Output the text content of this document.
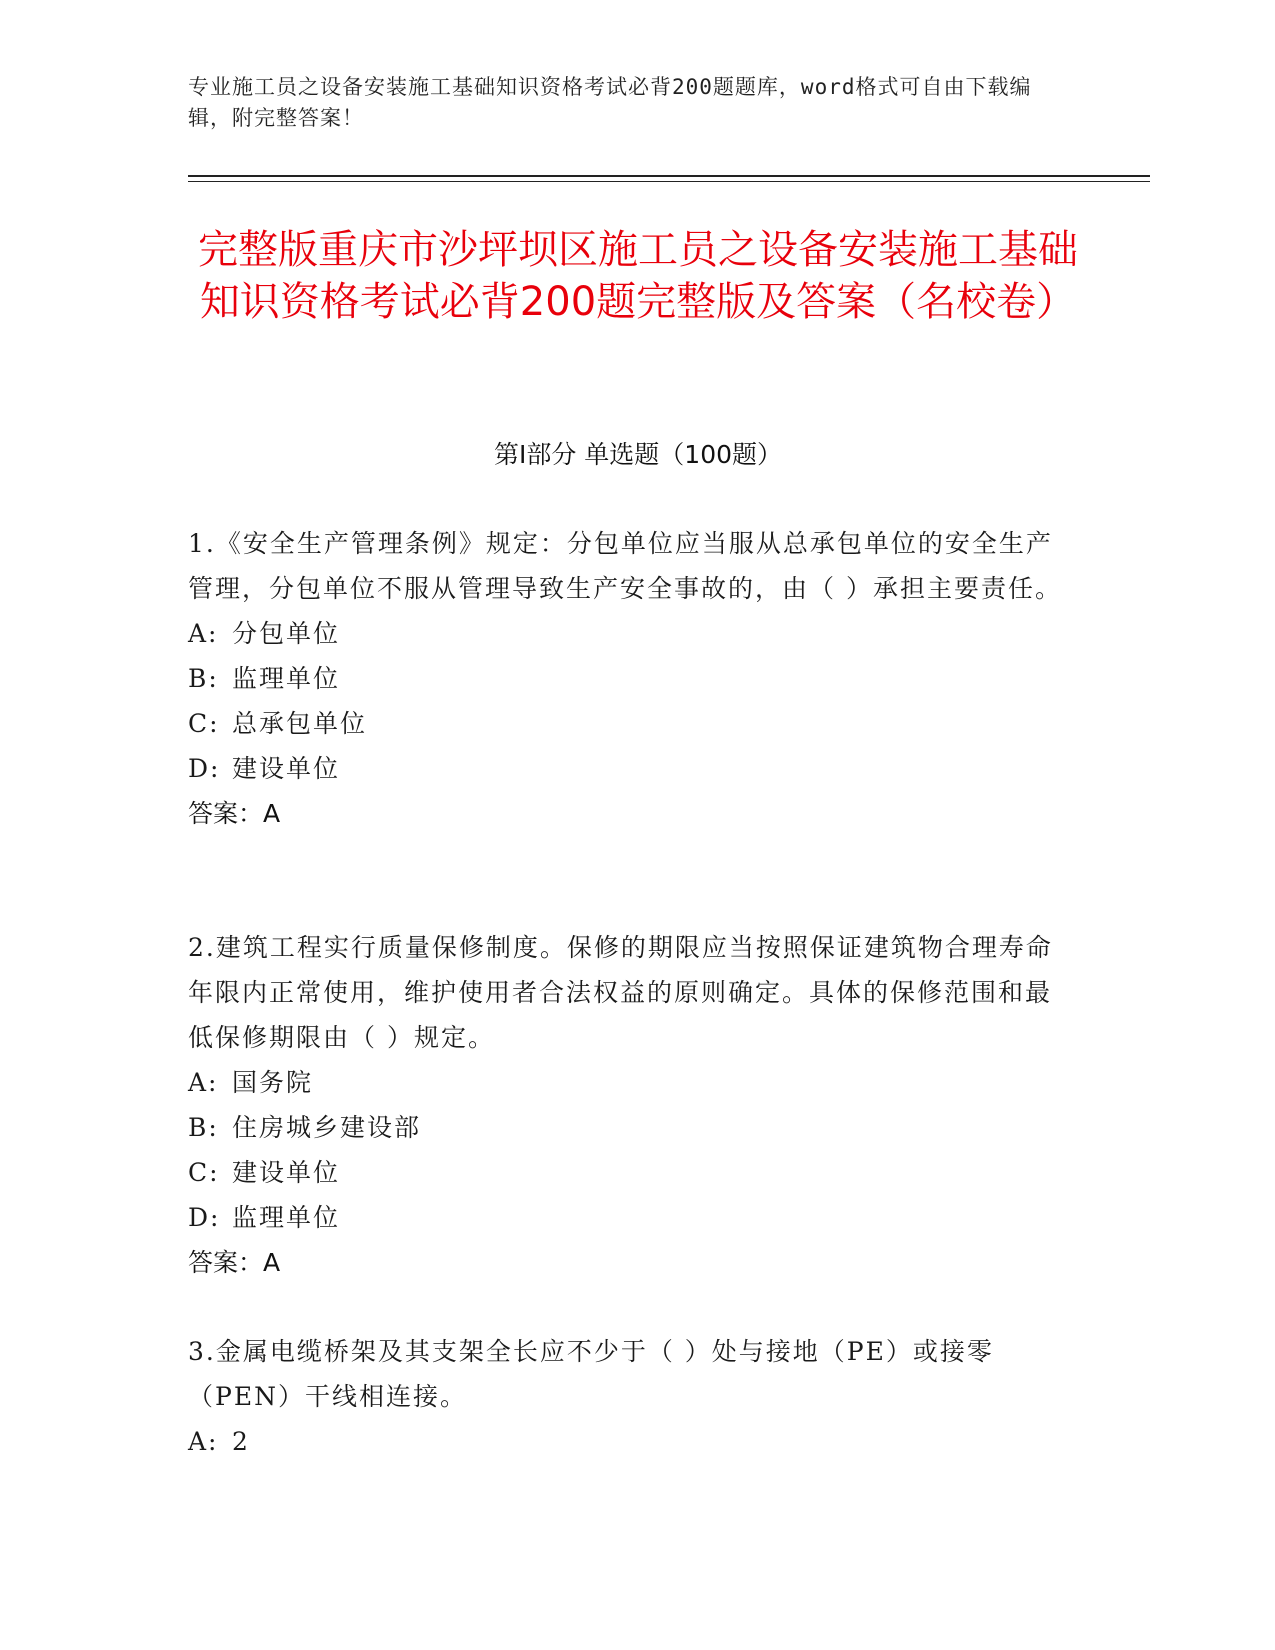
专业施工员之设备安装施工基础知识资格考试必背200题题库，word格式可自由下载编辑，附完整答案！
完整版重庆市沙坪坝区施工员之设备安装施工基础知识资格考试必背200题完整版及答案（名校卷）
第I部分 单选题（100题）

1.《安全生产管理条例》规定：分包单位应当服从总承包单位的安全生产管理，分包单位不服从管理导致生产安全事故的，由（ ）承担主要责任。

A: 分包单位
B: 监理单位
C: 总承包单位
D: 建设单位

答案：A

2.建筑工程实行质量保修制度。保修的期限应当按照保证建筑物合理寿命年限内正常使用，维护使用者合法权益的原则确定。具体的保修范围和最低保修期限由（ ）规定。

A: 国务院
B: 住房城乡建设部
C: 建设单位
D: 监理单位

答案：A

3.金属电缆桥架及其支架全长应不少于（ ）处与接地（PE）或接零（PEN）干线相连接。

A: 2
